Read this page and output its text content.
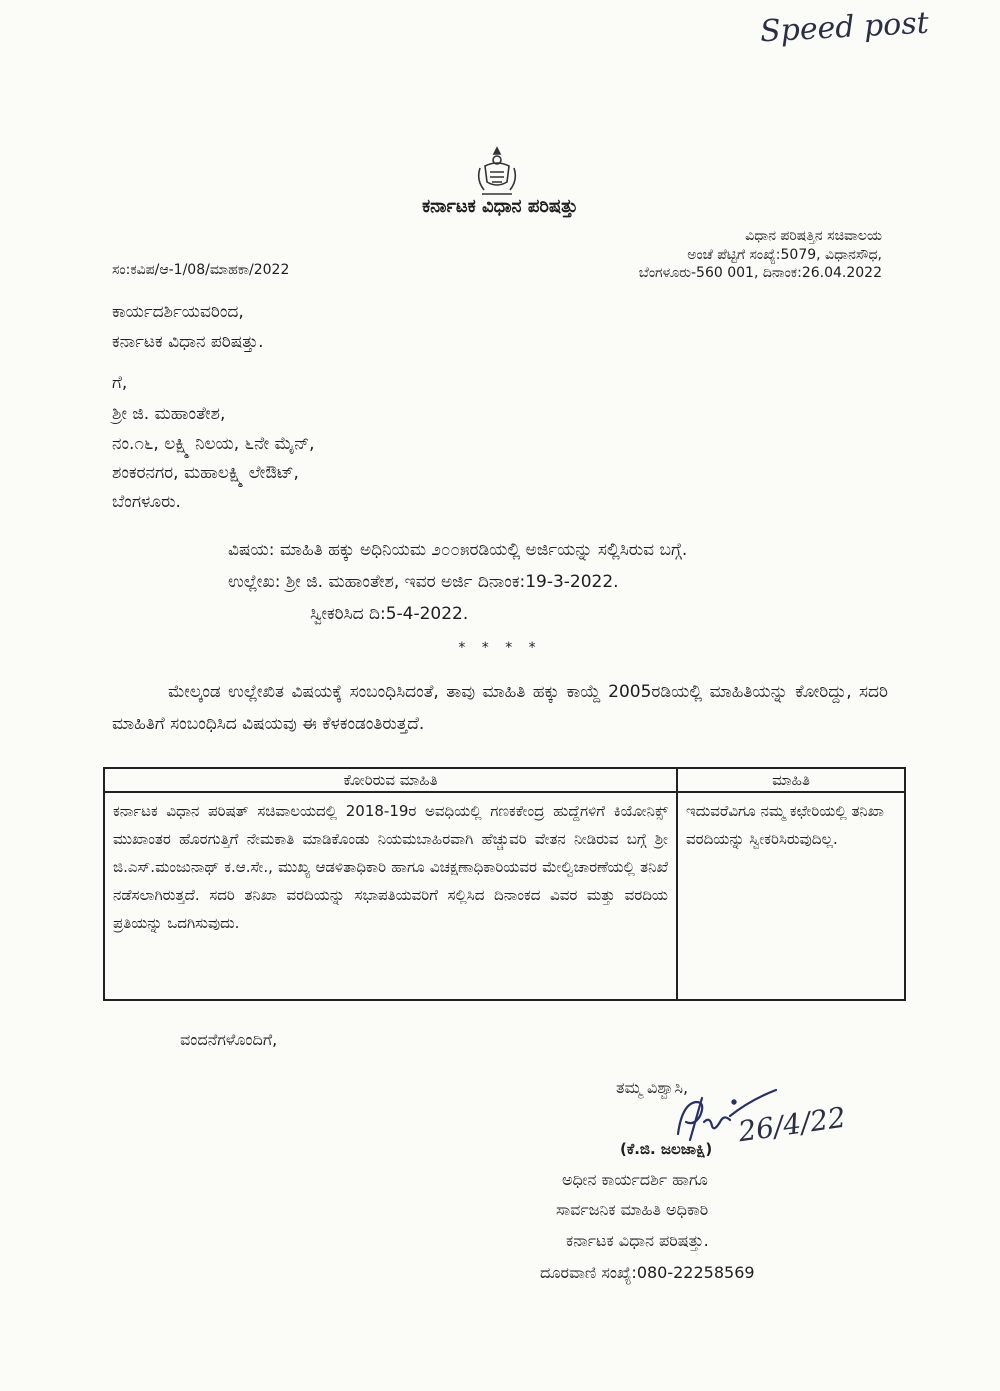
Speed post
ಕರ್ನಾಟಕ ವಿಧಾನ ಪರಿಷತ್ತು
ವಿಧಾನ ಪರಿಷತ್ತಿನ ಸಚಿವಾಲಯ
ಅಂಚೆ ಪೆಟ್ಟಿಗೆ ಸಂಖ್ಯೆ:5079, ವಿಧಾನಸೌಧ,
ಬೆಂಗಳೂರು-560 001, ದಿನಾಂಕ:26.04.2022
ಸಂ:ಕವಿಪ/ಆ-1/08/ಮಾಹಕಾ/2022
ಕಾರ್ಯದರ್ಶಿಯವರಿಂದ,
ಕರ್ನಾಟಕ ವಿಧಾನ ಪರಿಷತ್ತು.
ಗೆ,
ಶ್ರೀ ಜಿ. ಮಹಾಂತೇಶ,
ನಂ.೧೬, ಲಕ್ಷ್ಮಿ ನಿಲಯ, ೬ನೇ ಮೈನ್,
ಶಂಕರನಗರ, ಮಹಾಲಕ್ಷ್ಮಿ ಲೇಔಟ್,
ಬೆಂಗಳೂರು.
ವಿಷಯ: ಮಾಹಿತಿ ಹಕ್ಕು ಅಧಿನಿಯಮ ೨೦೦೫ರಡಿಯಲ್ಲಿ ಅರ್ಜಿಯನ್ನು ಸಲ್ಲಿಸಿರುವ ಬಗ್ಗೆ.
ಉಲ್ಲೇಖ: ಶ್ರೀ ಜಿ. ಮಹಾಂತೇಶ, ಇವರ ಅರ್ಜಿ ದಿನಾಂಕ:19-3-2022.
ಸ್ವೀಕರಿಸಿದ ದಿ:5-4-2022.
* * * *
ಮೇಲ್ಕಂಡ ಉಲ್ಲೇಖಿತ ವಿಷಯಕ್ಕೆ ಸಂಬಂಧಿಸಿದಂತೆ, ತಾವು ಮಾಹಿತಿ ಹಕ್ಕು ಕಾಯ್ದೆ 2005ರಡಿಯಲ್ಲಿ ಮಾಹಿತಿಯನ್ನು ಕೋರಿದ್ದು, ಸದರಿ ಮಾಹಿತಿಗೆ ಸಂಬಂಧಿಸಿದ ವಿಷಯವು ಈ ಕೆಳಕಂಡಂತಿರುತ್ತದೆ.
ಕೋರಿರುವ ಮಾಹಿತಿ	ಮಾಹಿತಿ
ಕರ್ನಾಟಕ ವಿಧಾನ ಪರಿಷತ್ ಸಚಿವಾಲಯದಲ್ಲಿ 2018-19ರ ಅವಧಿಯಲ್ಲಿ ಗಣಕಕೇಂದ್ರ ಹುದ್ದೆಗಳಿಗೆ ಕಿಯೋನಿಕ್ಸ್ ಮುಖಾಂತರ ಹೊರಗುತ್ತಿಗೆ ನೇಮಕಾತಿ ಮಾಡಿಕೊಂಡು ನಿಯಮಬಾಹಿರವಾಗಿ ಹೆಚ್ಚುವರಿ ವೇತನ ನೀಡಿರುವ ಬಗ್ಗೆ ಶ್ರೀ ಜಿ.ಎಸ್.ಮಂಜುನಾಥ್ ಕ.ಆ.ಸೇ., ಮುಖ್ಯ ಆಡಳಿತಾಧಿಕಾರಿ ಹಾಗೂ ವಿಚಕ್ಷಣಾಧಿಕಾರಿಯವರ ಮೇಲ್ವಿಚಾರಣೆಯಲ್ಲಿ ತನಿಖೆ ನಡೆಸಲಾಗಿರುತ್ತದೆ. ಸದರಿ ತನಿಖಾ ವರದಿಯನ್ನು ಸಭಾಪತಿಯವರಿಗೆ ಸಲ್ಲಿಸಿದ ದಿನಾಂಕದ ವಿವರ ಮತ್ತು ವರದಿಯ ಪ್ರತಿಯನ್ನು ಒದಗಿಸುವುದು.	ಇದುವರೆವಿಗೂ ನಮ್ಮ ಕಛೇರಿಯಲ್ಲಿ ತನಿಖಾ ವರದಿಯನ್ನು ಸ್ವೀಕರಿಸಿರುವುದಿಲ್ಲ.
ವಂದನೆಗಳೊಂದಿಗೆ,
ತಮ್ಮ ವಿಶ್ವಾಸಿ,
26/4/22
(ಕೆ.ಜಿ. ಜಲಜಾಕ್ಷಿ)
ಅಧೀನ ಕಾರ್ಯದರ್ಶಿ ಹಾಗೂ
ಸಾರ್ವಜನಿಕ ಮಾಹಿತಿ ಅಧಿಕಾರಿ
ಕರ್ನಾಟಕ ವಿಧಾನ ಪರಿಷತ್ತು.
ದೂರವಾಣಿ ಸಂಖ್ಯೆ:080-22258569
